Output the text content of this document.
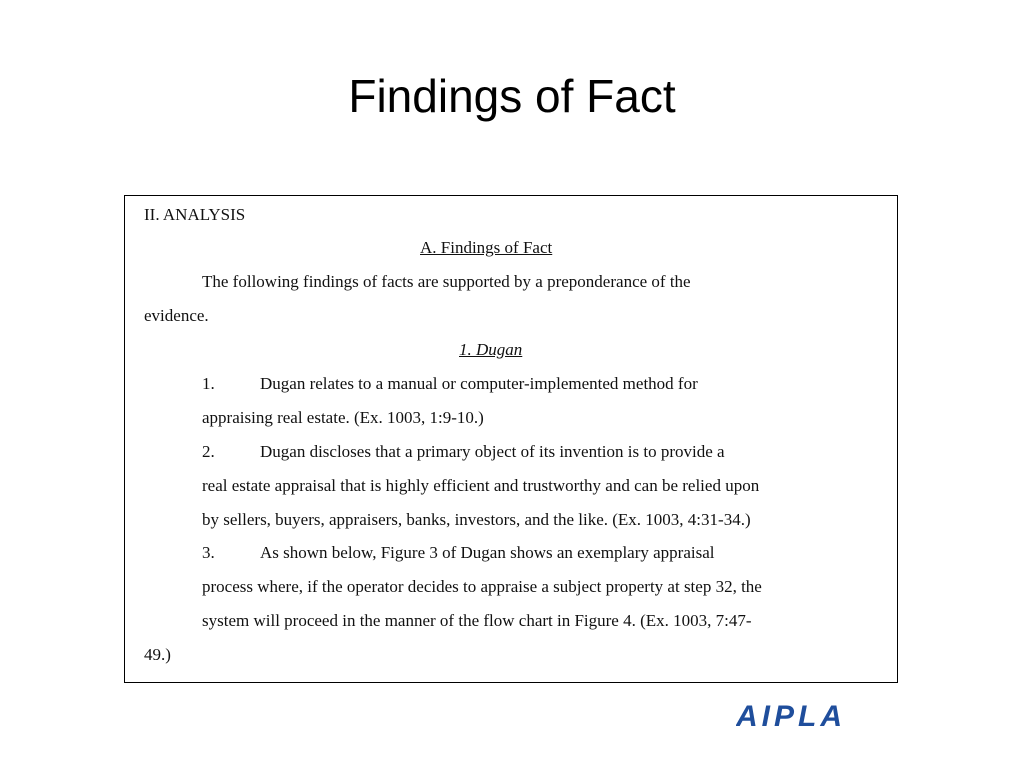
Findings of Fact
II. ANALYSIS
A. Findings of Fact
The following findings of facts are supported by a preponderance of the
evidence.
1. Dugan
1.	Dugan relates to a manual or computer-implemented method for
appraising real estate. (Ex. 1003, 1:9-10.)
2.	Dugan discloses that a primary object of its invention is to provide a
real estate appraisal that is highly efficient and trustworthy and can be relied upon
by sellers, buyers, appraisers, banks, investors, and the like. (Ex. 1003, 4:31-34.)
3.	As shown below, Figure 3 of Dugan shows an exemplary appraisal
process where, if the operator decides to appraise a subject property at step 32, the
system will proceed in the manner of the flow chart in Figure 4. (Ex. 1003, 7:47-
49.)
AIPLA
